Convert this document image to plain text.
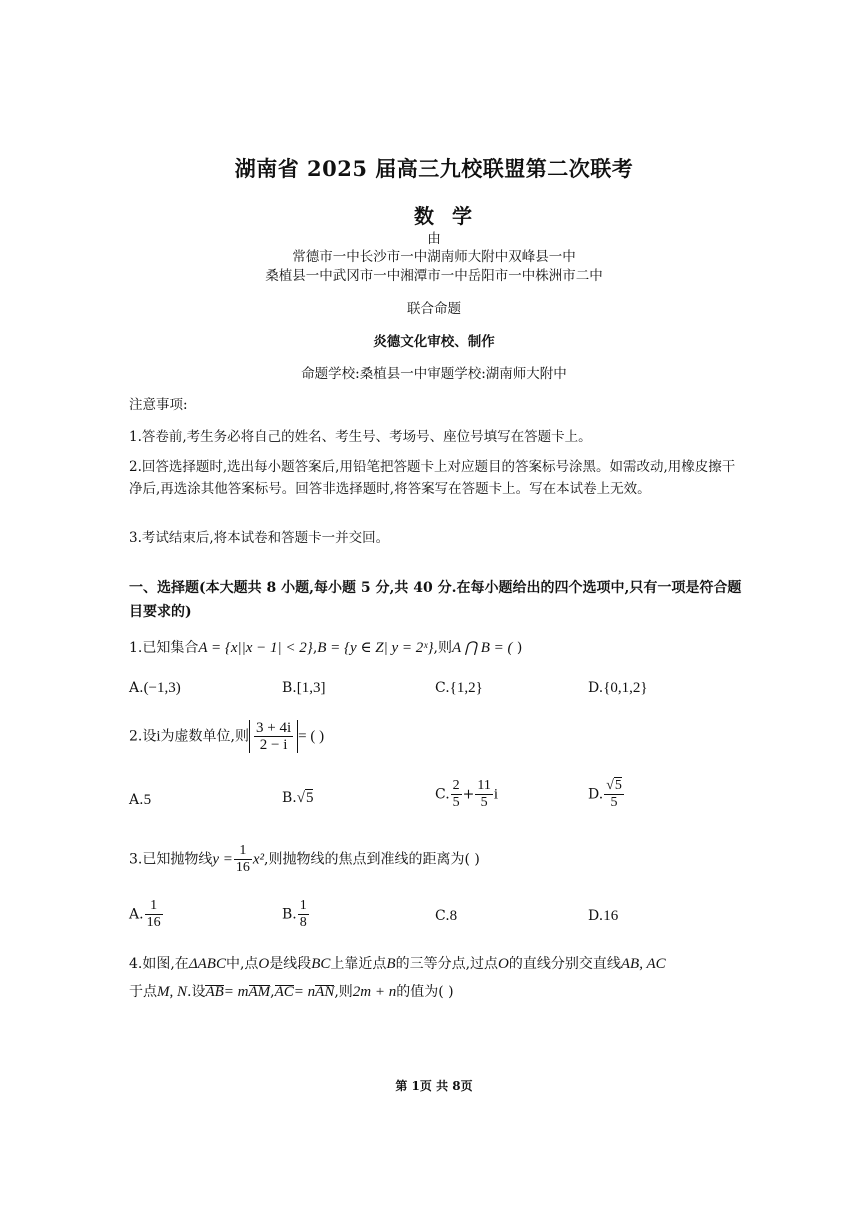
湖南省 2025 届高三九校联盟第二次联考
数学
由
常德市一中长沙市一中湖南师大附中双峰县一中
桑植县一中武冈市一中湘潭市一中岳阳市一中株洲市二中
联合命题
炎德文化审校、制作
命题学校:桑植县一中审题学校:湖南师大附中
注意事项:
1.答卷前,考生务必将自己的姓名、考生号、考场号、座位号填写在答题卡上。
2.回答选择题时,选出每小题答案后,用铅笔把答题卡上对应题目的答案标号涂黑。如需改动,用橡皮擦干净后,再选涂其他答案标号。回答非选择题时,将答案写在答题卡上。写在本试卷上无效。
3.考试结束后,将本试卷和答题卡一并交回。
一、选择题(本大题共 8 小题,每小题 5 分,共 40 分.在每小题给出的四个选项中,只有一项是符合题目要求的)
1.已知集合A = {x||x − 1| < 2},B = {y ∈ Z| y = 2ˣ},则A ⋂ B = ( )
A.(−1,3)	B.[1,3]	C.{1,2}	D.{0,1,2}
2.设i为虚数单位,则 $\frac{3 + 4i}{2 - i}$ = ( )
A.5	B.√5	C. $\frac{2}{5} + \frac{11}{5}$ i	D. $\frac{√5}{5}$
3.已知抛物线$y = \frac{1}{16} x^2$,则抛物线的焦点到准线的距离为( )
A. $\frac{1}{16}$	B. $\frac{1}{8}$	C.8	D.16
4.如图,在ΔABC中,点O是线段BC上靠近点B的三等分点,过点O的直线分别交直线AB, AC
于点M, N.设AB= mAM,AC= nAN,则2m + n的值为( )
第 1页 共 8页
